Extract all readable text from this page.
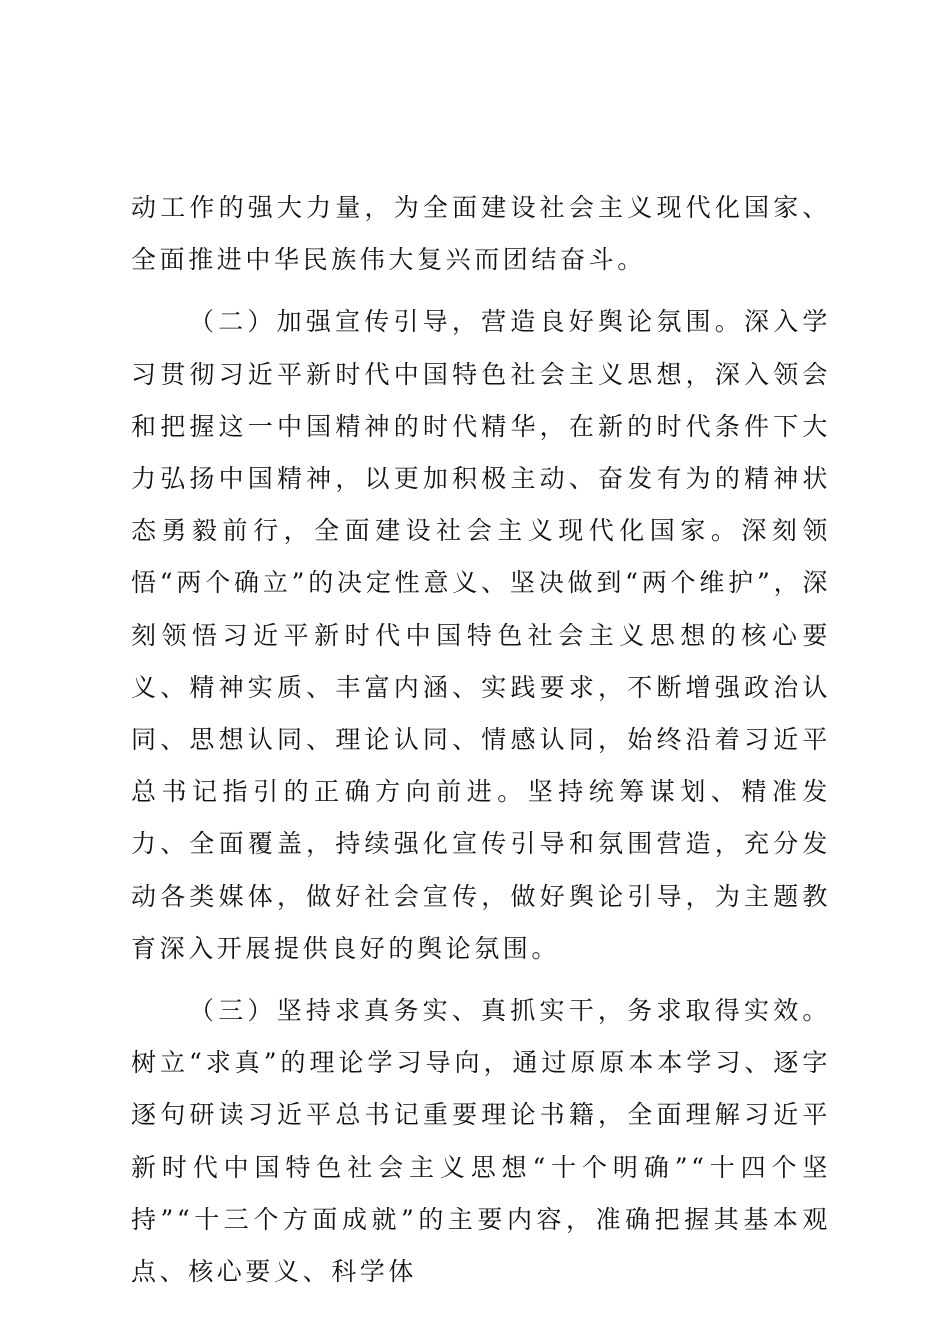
动工作的强大力量，为全面建设社会主义现代化国家、全面推进中华民族伟大复兴而团结奋斗。

（二）加强宣传引导，营造良好舆论氛围。深入学习贯彻习近平新时代中国特色社会主义思想，深入领会和把握这一中国精神的时代精华，在新的时代条件下大力弘扬中国精神，以更加积极主动、奋发有为的精神状态勇毅前行，全面建设社会主义现代化国家。深刻领悟“两个确立”的决定性意义、坚决做到“两个维护”，深刻领悟习近平新时代中国特色社会主义思想的核心要义、精神实质、丰富内涵、实践要求，不断增强政治认同、思想认同、理论认同、情感认同，始终沿着习近平总书记指引的正确方向前进。坚持统筹谋划、精准发力、全面覆盖，持续强化宣传引导和氛围营造，充分发动各类媒体，做好社会宣传，做好舆论引导，为主题教育深入开展提供良好的舆论氛围。

（三）坚持求真务实、真抓实干，务求取得实效。树立“求真”的理论学习导向，通过原原本本学习、逐字逐句研读习近平总书记重要理论书籍，全面理解习近平新时代中国特色社会主义思想“十个明确”“十四个坚持”“十三个方面成就”的主要内容，准确把握其基本观点、核心要义、科学体
